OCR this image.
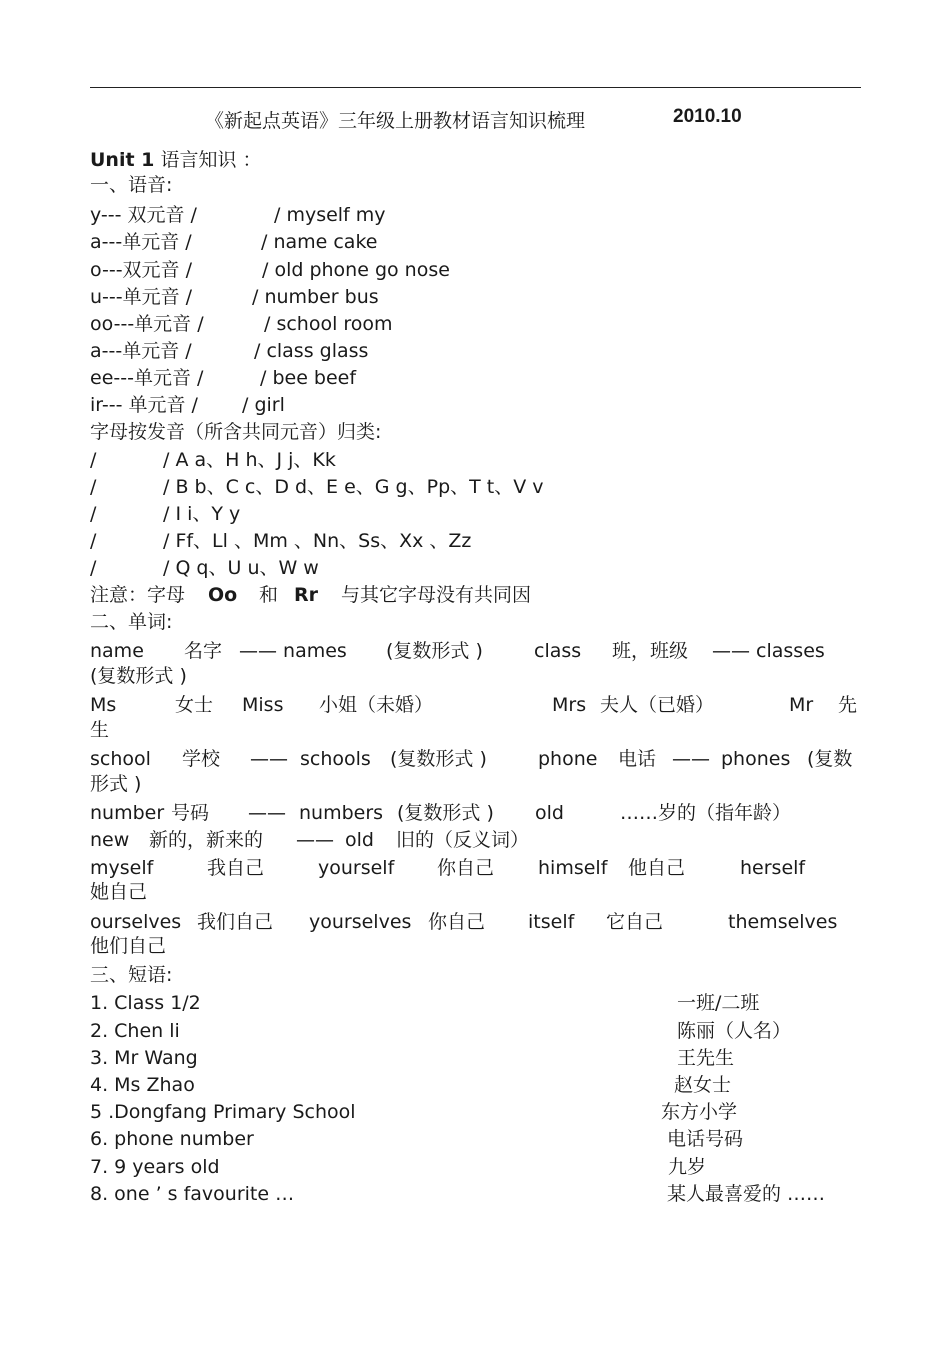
《新起点英语》三年级上册教材语言知识梳理	2010.10
Unit 1 语言知识 ：
一、语音:
y--- 双元音 /	/ myself my
a---单元音 /	/ name cake
o---双元音 /	/ old phone go nose
u---单元音 /	/ number bus
oo---单元音 /	/ school room
a---单元音 /	/ class glass
ee---单元音 /	/ bee beef
ir--- 单元音 / / girl
字母按发音（所含共同元音）归类:
/	/ A a、H h、J j、Kk
/	/ B b、C c、D d、E e、G g、Pp、T t、V v
/	/ I i、Y y
/	/ Ff、Ll 、Mm 、Nn、Ss、Xx 、Zz
/	/ Q q、U u、W w
注意：字母 Oo 和 Rr 与其它字母没有共同因
二、单词:
name 名字 —— names (复数形式 )	class 班，班级 —— classes
(复数形式 )
Ms	女士 Miss 小姐（未婚）	Mrs 夫人（已婚）	Mr 先
生
school 学校 —— schools (复数形式 )	phone 电话 —— phones (复数
形式 )
number 号码 —— numbers (复数形式 ) old	……岁的（指年龄）
new 新的，新来的 —— old 旧的（反义词）
myself	我自己	yourself 你自己 himself 他自己	herself
她自己
ourselves 我们自己 yourselves 你自己 itself 它自己	themselves
他们自己
三、短语:
1. Class 1/2	一班/二班
2. Chen li	陈丽（人名）
3. Mr Wang	王先生
4. Ms Zhao	赵女士
5 .Dongfang Primary School	东方小学
6. phone number	电话号码
7. 9 years old	九岁
8. one ’ s favourite …	某人最喜爱的 ……
